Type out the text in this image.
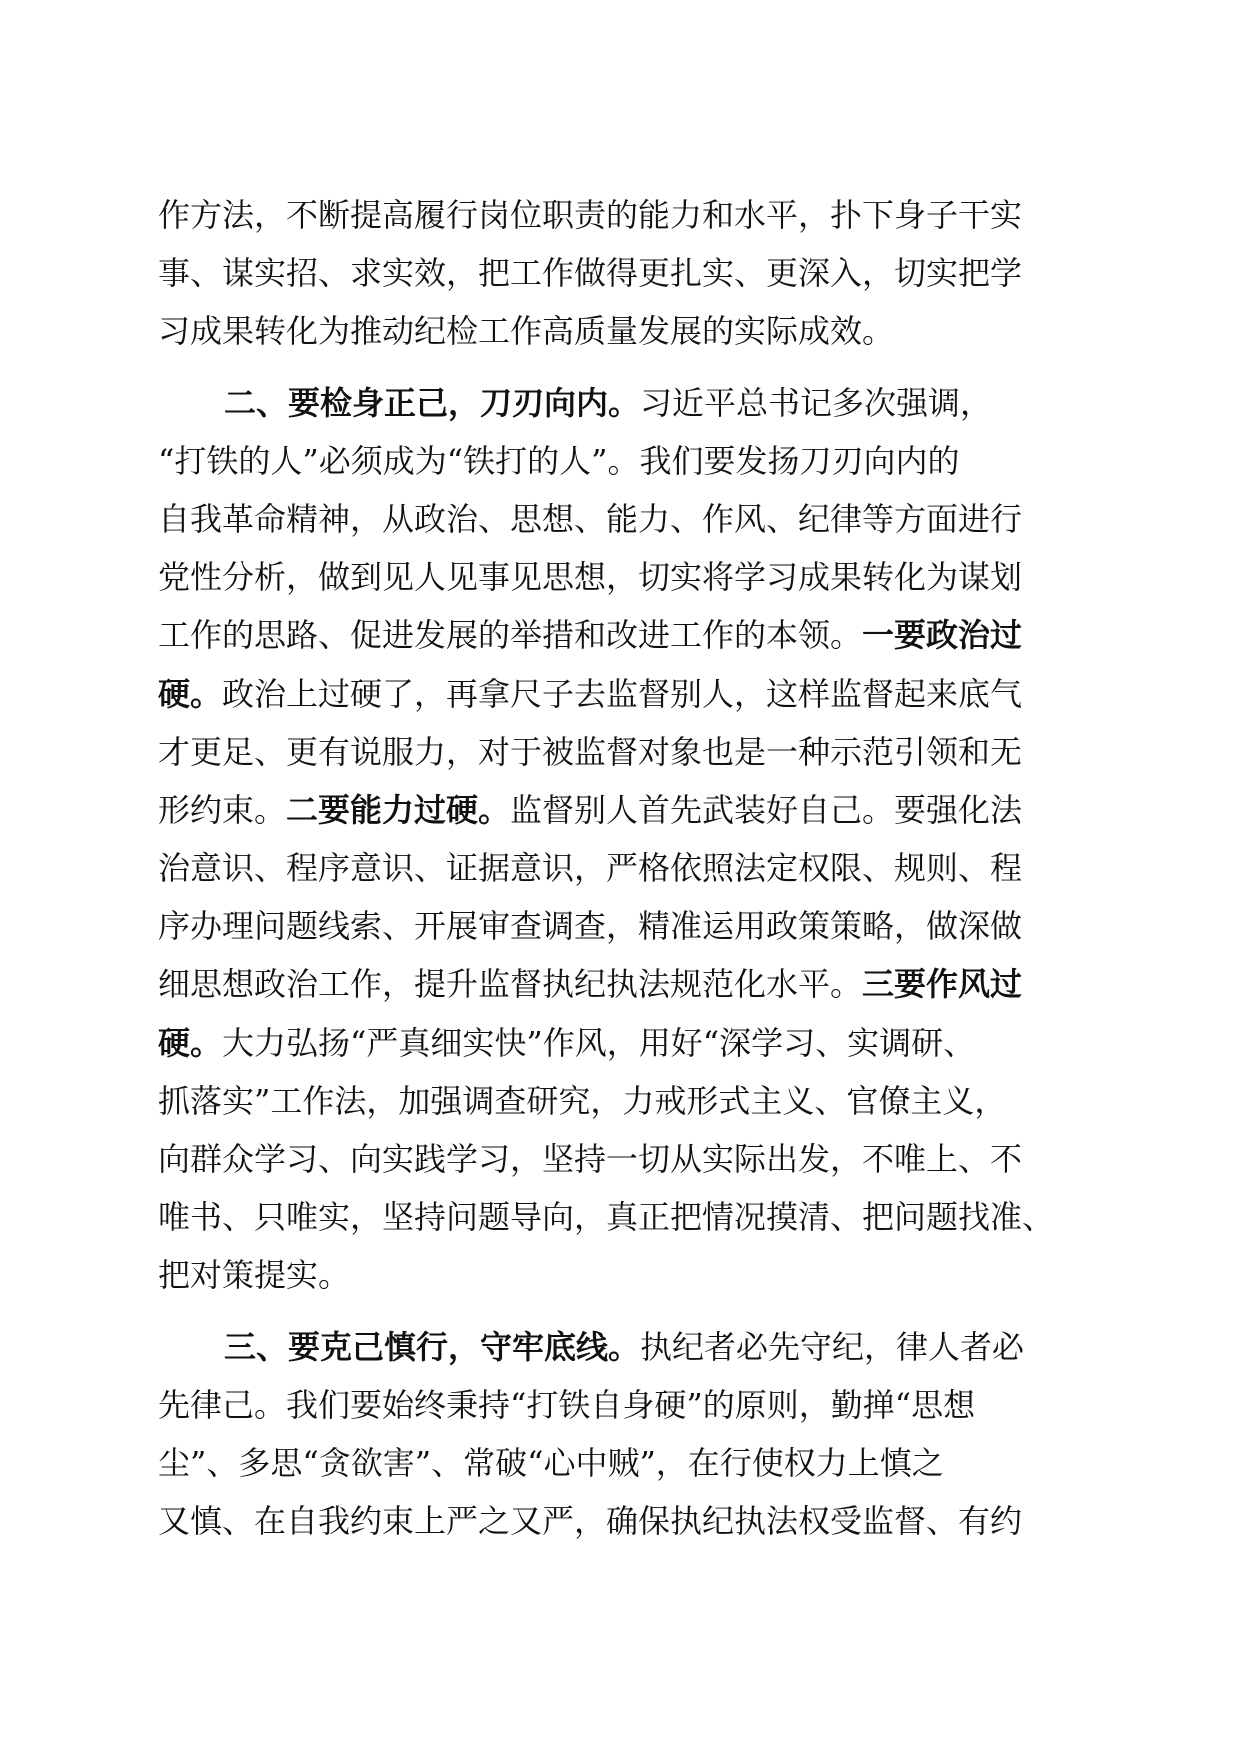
作方法，不断提高履行岗位职责的能力和水平，扑下身子干实
事、谋实招、求实效，把工作做得更扎实、更深入，切实把学
习成果转化为推动纪检工作高质量发展的实际成效。
二、要检身正己，刀刃向内。习近平总书记多次强调，
“打铁的人”必须成为“铁打的人”。我们要发扬刀刃向内的
自我革命精神，从政治、思想、能力、作风、纪律等方面进行
党性分析，做到见人见事见思想，切实将学习成果转化为谋划
工作的思路、促进发展的举措和改进工作的本领。一要政治过
硬。政治上过硬了，再拿尺子去监督别人，这样监督起来底气
才更足、更有说服力，对于被监督对象也是一种示范引领和无
形约束。二要能力过硬。监督别人首先武装好自己。要强化法
治意识、程序意识、证据意识，严格依照法定权限、规则、程
序办理问题线索、开展审查调查，精准运用政策策略，做深做
细思想政治工作，提升监督执纪执法规范化水平。三要作风过
硬。大力弘扬“严真细实快”作风，用好“深学习、实调研、
抓落实”工作法，加强调查研究，力戒形式主义、官僚主义，
向群众学习、向实践学习，坚持一切从实际出发，不唯上、不
唯书、只唯实，坚持问题导向，真正把情况摸清、把问题找准、
把对策提实。
三、要克己慎行，守牢底线。执纪者必先守纪，律人者必
先律己。我们要始终秉持“打铁自身硬”的原则，勤掸“思想
尘”、多思“贪欲害”、常破“心中贼”，在行使权力上慎之
又慎、在自我约束上严之又严，确保执纪执法权受监督、有约
